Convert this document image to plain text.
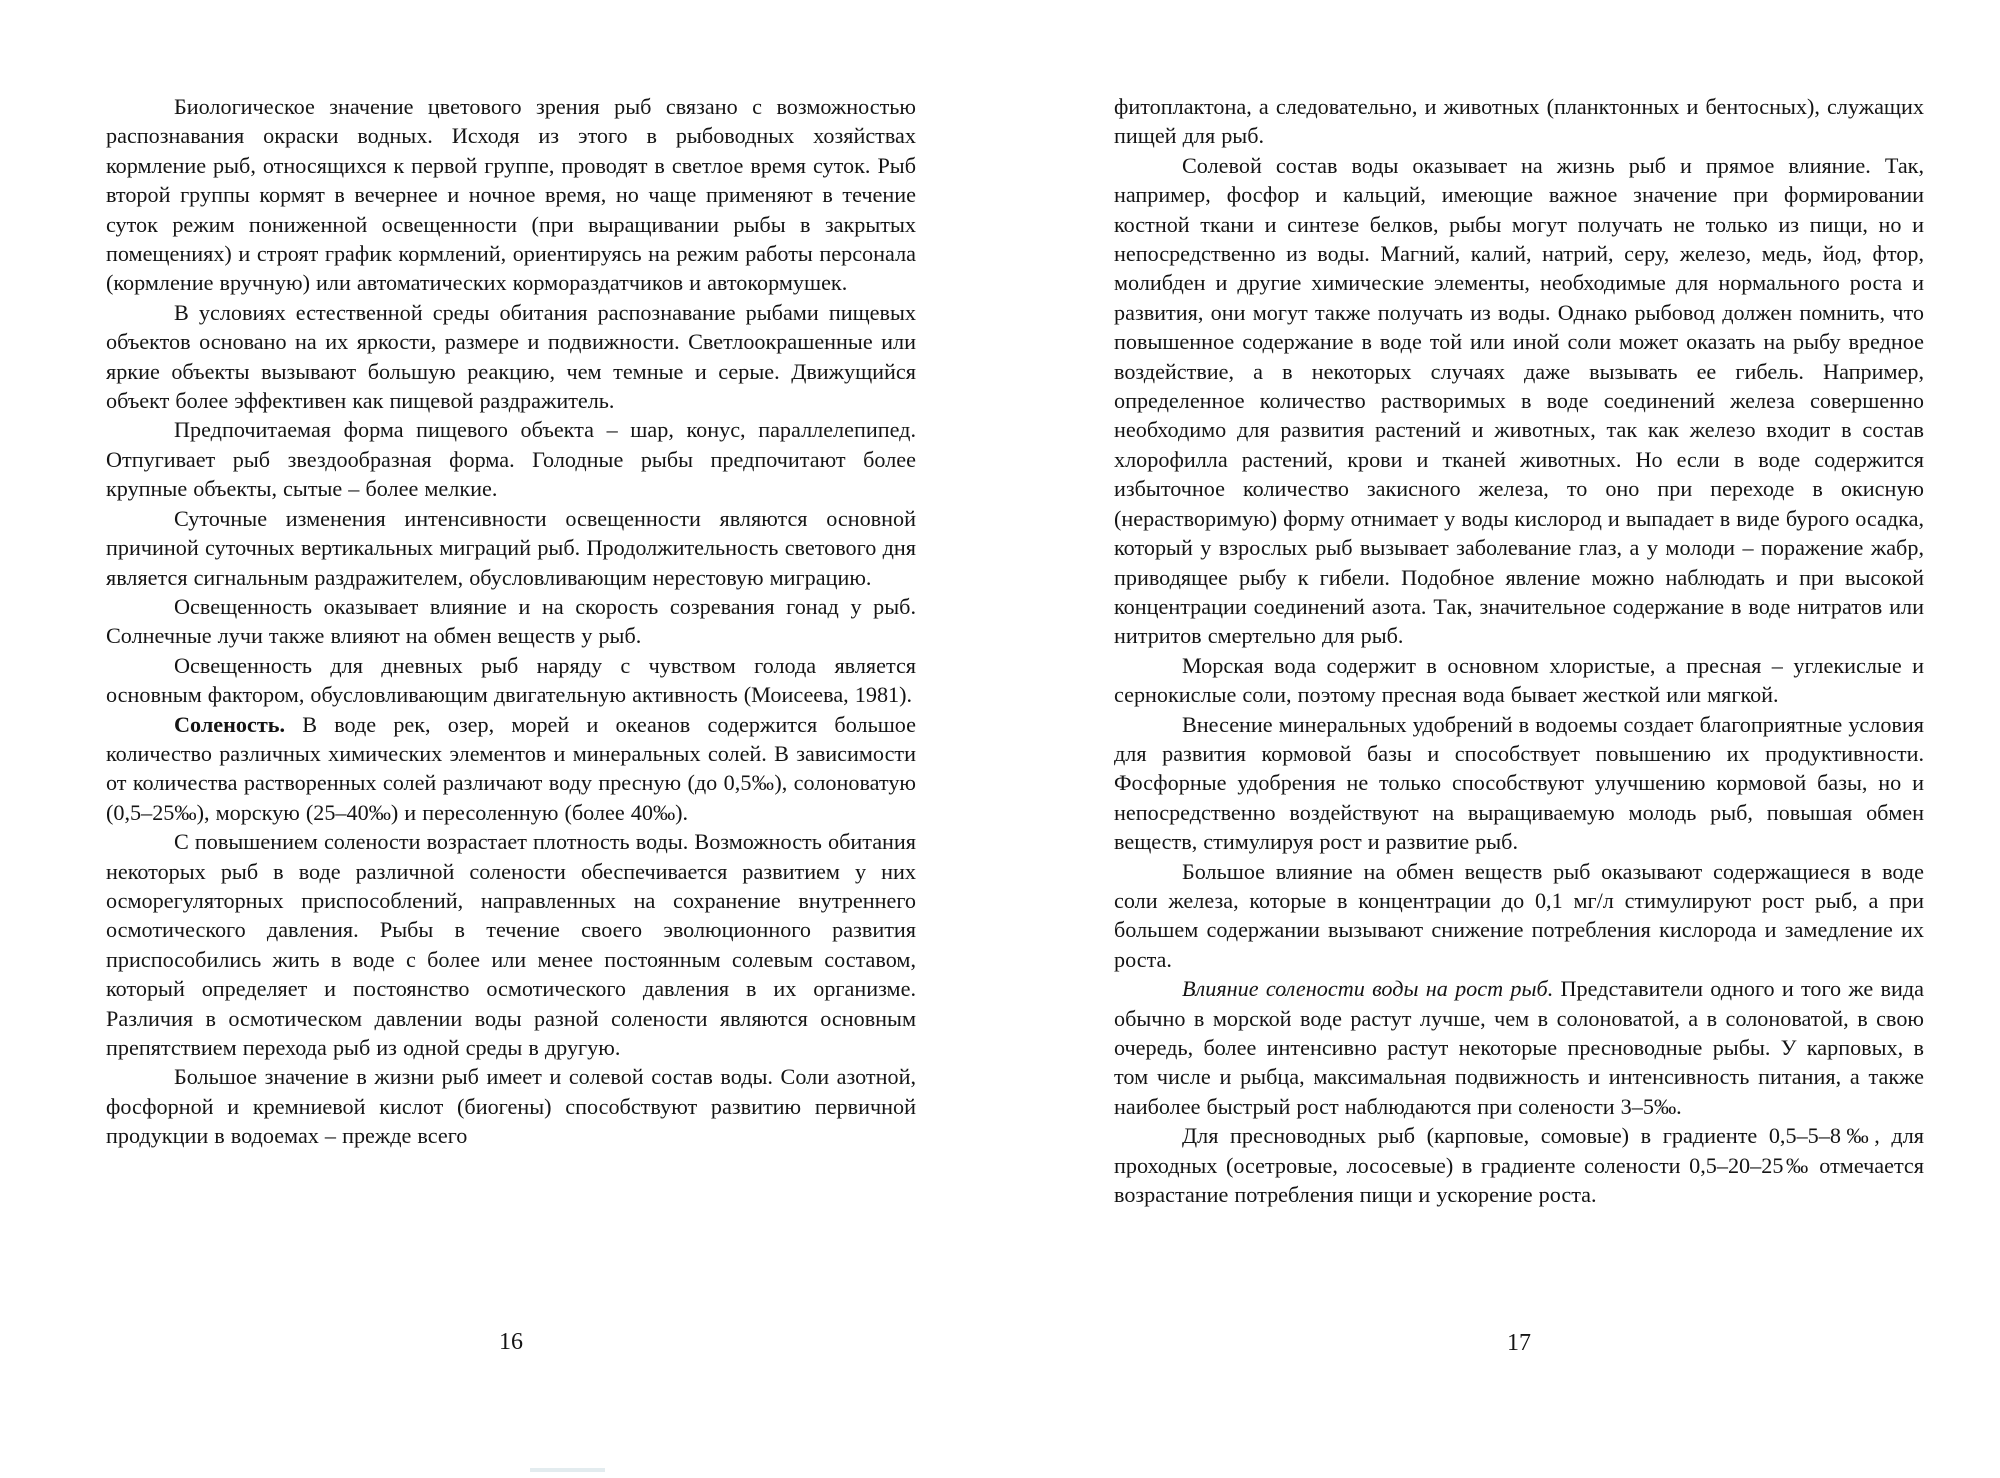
Биологическое значение цветового зрения рыб связано с возможностью распознавания окраски водных. Исходя из этого в рыбоводных хозяйствах кормление рыб, относящихся к первой группе, проводят в светлое время суток. Рыб второй группы кормят в вечернее и ночное время, но чаще применяют в течение суток режим пониженной освещенности (при выращивании рыбы в закрытых помещениях) и строят график кормлений, ориентируясь на режим работы персонала (кормление вручную) или автоматических кормораздатчиков и автокормушек.

В условиях естественной среды обитания распознавание рыбами пищевых объектов основано на их яркости, размере и подвижности. Светлоокрашенные или яркие объекты вызывают большую реакцию, чем темные и серые. Движущийся объект более эффективен как пищевой раздражитель.

Предпочитаемая форма пищевого объекта – шар, конус, параллелепипед. Отпугивает рыб звездообразная форма. Голодные рыбы предпочитают более крупные объекты, сытые – более мелкие.

Суточные изменения интенсивности освещенности являются основной причиной суточных вертикальных миграций рыб. Продолжительность светового дня является сигнальным раздражителем, обусловливающим нерестовую миграцию.

Освещенность оказывает влияние и на скорость созревания гонад у рыб. Солнечные лучи также влияют на обмен веществ у рыб.

Освещенность для дневных рыб наряду с чувством голода является основным фактором, обусловливающим двигательную активность (Моисеева, 1981).

Соленость. В воде рек, озер, морей и океанов содержится большое количество различных химических элементов и минеральных солей. В зависимости от количества растворенных солей различают воду пресную (до 0,5‰), солоноватую (0,5–25‰), морскую (25–40‰) и пересоленную (более 40‰).

С повышением солености возрастает плотность воды. Возможность обитания некоторых рыб в воде различной солености обеспечивается развитием у них осморегуляторных приспособлений, направленных на сохранение внутреннего осмотического давления. Рыбы в течение своего эволюционного развития приспособились жить в воде с более или менее постоянным солевым составом, который определяет и постоянство осмотического давления в их организме. Различия в осмотическом давлении воды разной солености являются основным препятствием перехода рыб из одной среды в другую.

Большое значение в жизни рыб имеет и солевой состав воды. Соли азотной, фосфорной и кремниевой кислот (биогены) способствуют развитию первичной продукции в водоемах – прежде всего

16

фитоплактона, а следовательно, и животных (планктонных и бентосных), служащих пищей для рыб.

Солевой состав воды оказывает на жизнь рыб и прямое влияние. Так, например, фосфор и кальций, имеющие важное значение при формировании костной ткани и синтезе белков, рыбы могут получать не только из пищи, но и непосредственно из воды. Магний, калий, натрий, серу, железо, медь, йод, фтор, молибден и другие химические элементы, необходимые для нормального роста и развития, они могут также получать из воды. Однако рыбовод должен помнить, что повышенное содержание в воде той или иной соли может оказать на рыбу вредное воздействие, а в некоторых случаях даже вызывать ее гибель. Например, определенное количество растворимых в воде соединений железа совершенно необходимо для развития растений и животных, так как железо входит в состав хлорофилла растений, крови и тканей животных. Но если в воде содержится избыточное количество закисного железа, то оно при переходе в окисную (нерастворимую) форму отнимает у воды кислород и выпадает в виде бурого осадка, который у взрослых рыб вызывает заболевание глаз, а у молоди – поражение жабр, приводящее рыбу к гибели. Подобное явление можно наблюдать и при высокой концентрации соединений азота. Так, значительное содержание в воде нитратов или нитритов смертельно для рыб.

Морская вода содержит в основном хлористые, а пресная – углекислые и сернокислые соли, поэтому пресная вода бывает жесткой или мягкой.

Внесение минеральных удобрений в водоемы создает благоприятные условия для развития кормовой базы и способствует повышению их продуктивности. Фосфорные удобрения не только способствуют улучшению кормовой базы, но и непосредственно воздействуют на выращиваемую молодь рыб, повышая обмен веществ, стимулируя рост и развитие рыб.

Большое влияние на обмен веществ рыб оказывают содержащиеся в воде соли железа, которые в концентрации до 0,1 мг/л стимулируют рост рыб, а при большем содержании вызывают снижение потребления кислорода и замедление их роста.

Влияние солености воды на рост рыб. Представители одного и того же вида обычно в морской воде растут лучше, чем в солоноватой, а в солоноватой, в свою очередь, более интенсивно растут некоторые пресноводные рыбы. У карповых, в том числе и рыбца, максимальная подвижность и интенсивность питания, а также наиболее быстрый рост наблюдаются при солености 3–5‰.

Для пресноводных рыб (карповые, сомовые) в градиенте 0,5–5–8‰, для проходных (осетровые, лососевые) в градиенте солености 0,5–20–25‰ отмечается возрастание потребления пищи и ускорение роста.

17
